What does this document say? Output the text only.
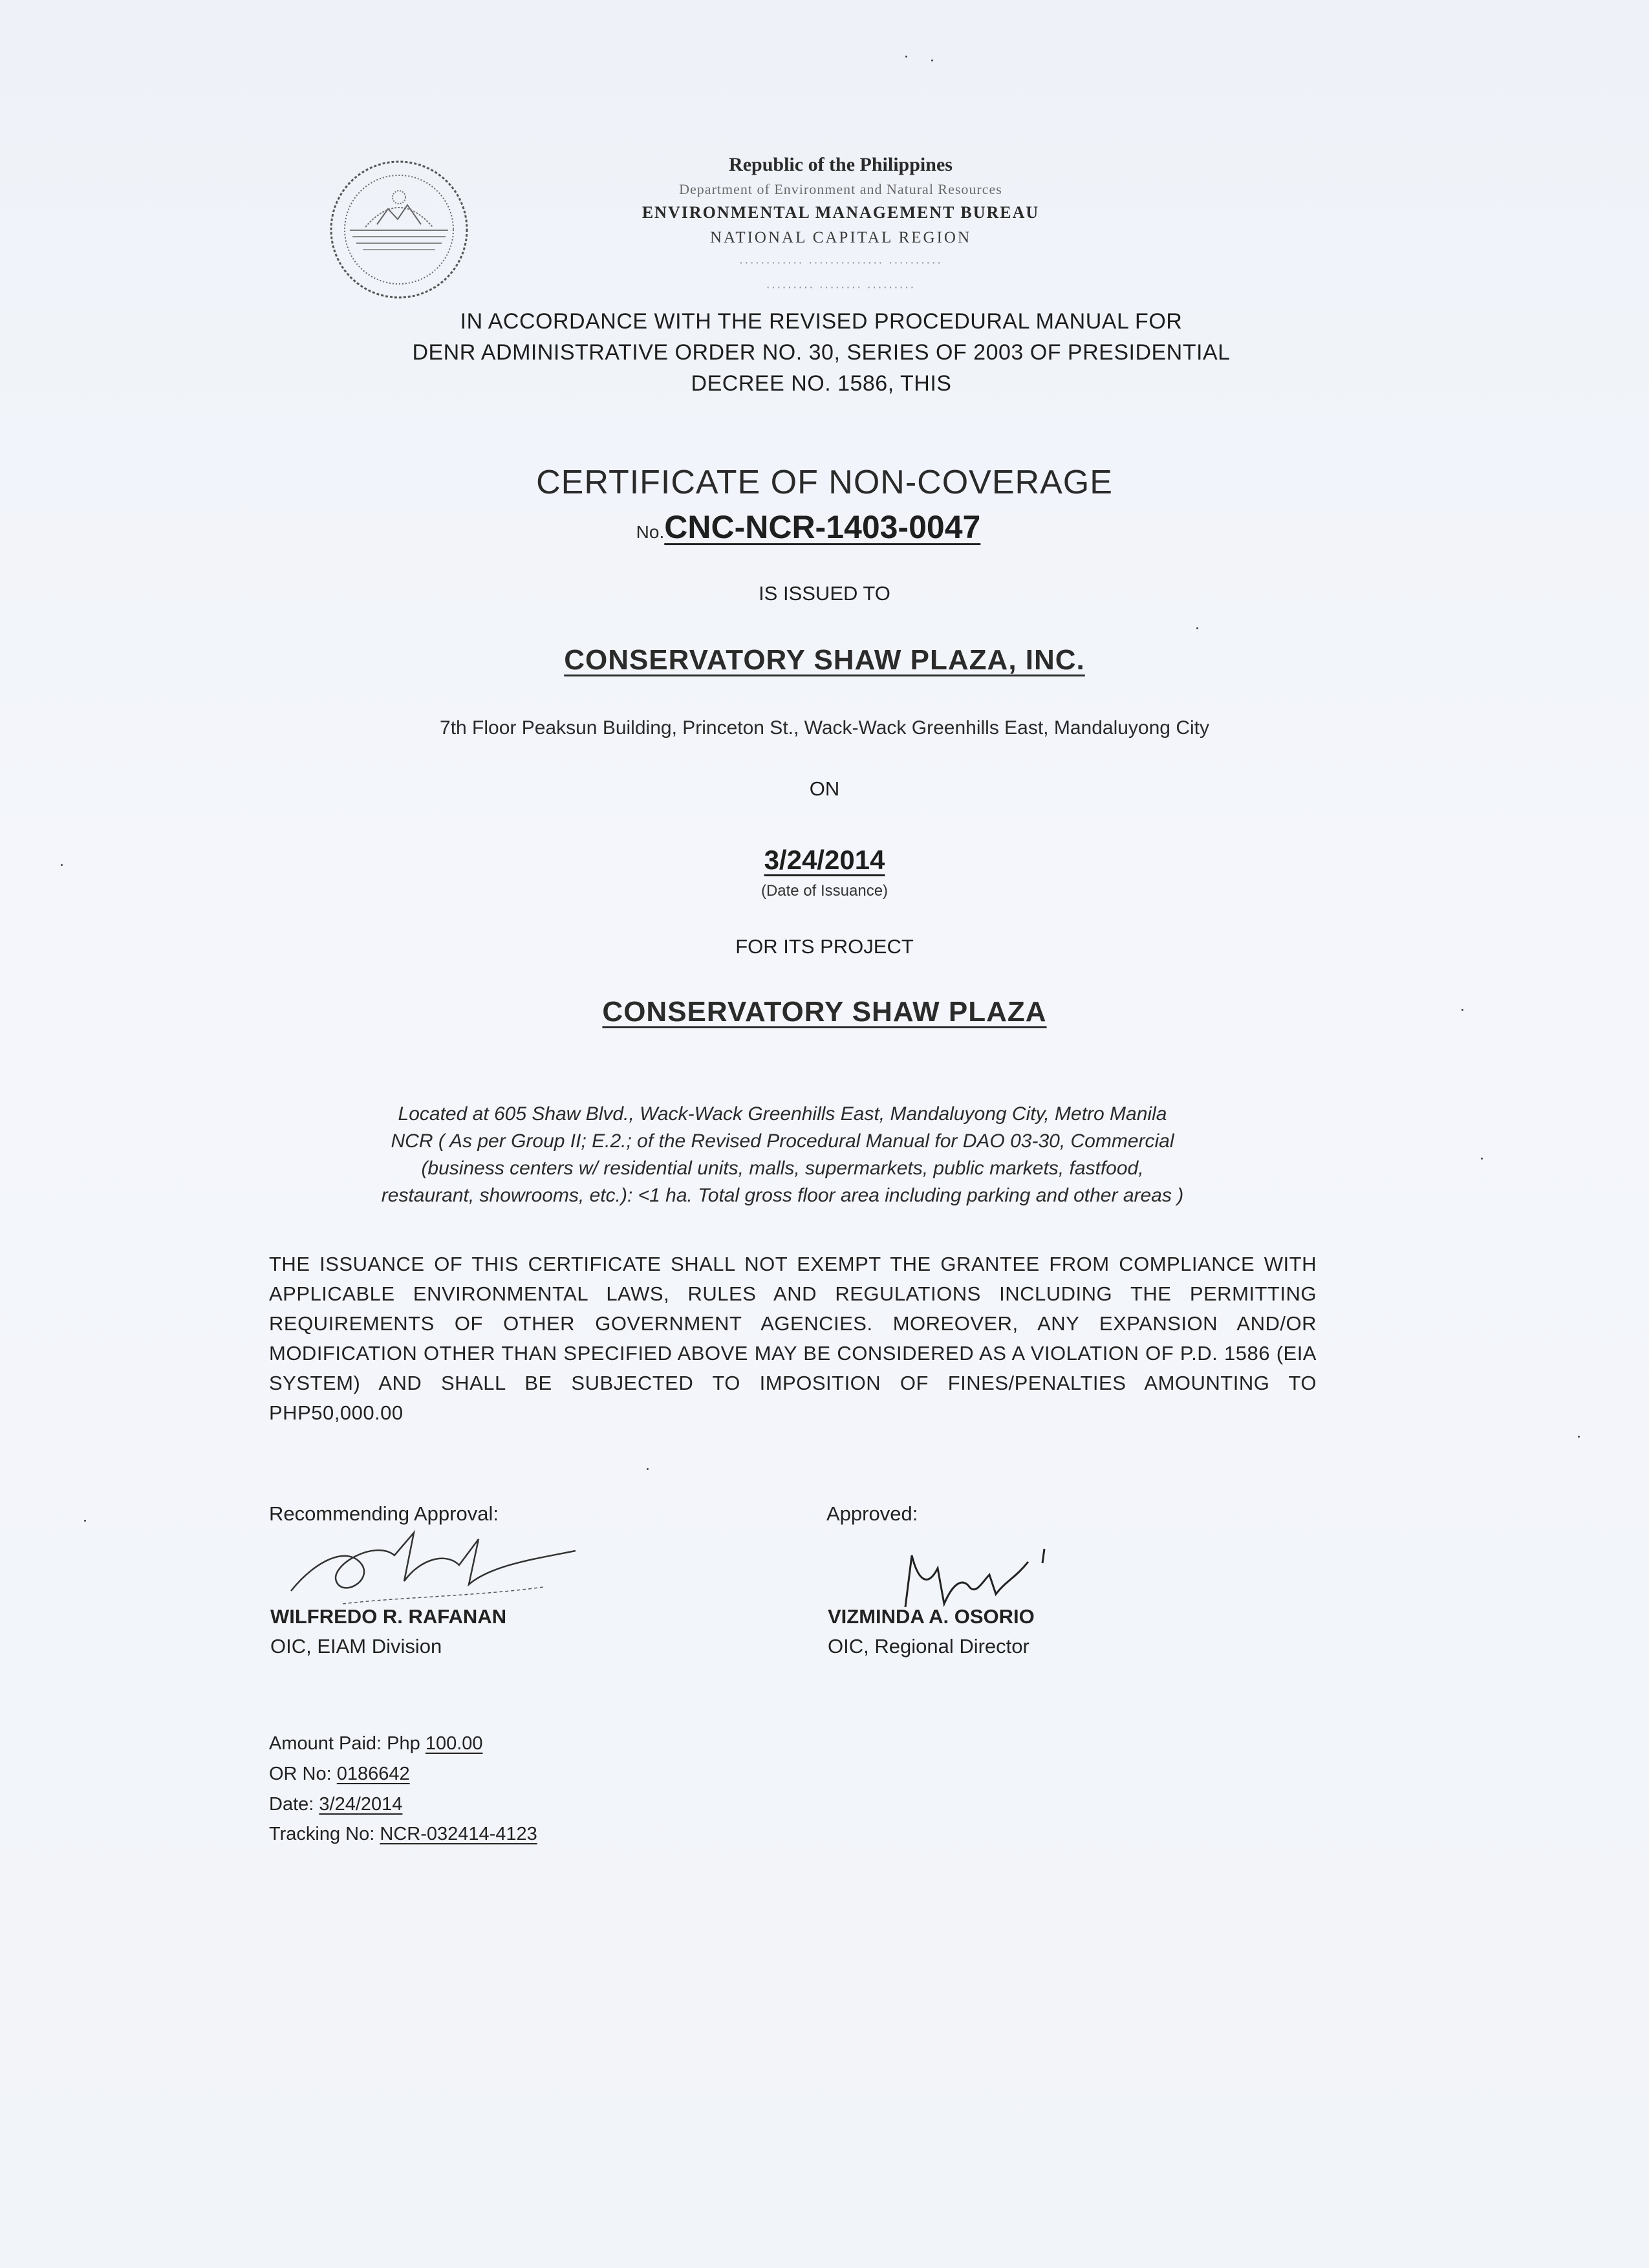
Republic of the Philippines
Department of Environment and Natural Resources
ENVIRONMENTAL MANAGEMENT BUREAU
NATIONAL CAPITAL REGION
············ ·············· ··········
········· ········ ·········
IN ACCORDANCE WITH THE REVISED PROCEDURAL MANUAL FOR
DENR ADMINISTRATIVE ORDER NO. 30, SERIES OF 2003 OF PRESIDENTIAL
DECREE NO. 1586, THIS
CERTIFICATE OF NON-COVERAGE
No.CNC-NCR-1403-0047
IS ISSUED TO
CONSERVATORY SHAW PLAZA, INC.
7th Floor Peaksun Building, Princeton St., Wack-Wack Greenhills East, Mandaluyong City
ON
3/24/2014
(Date of Issuance)
FOR ITS PROJECT
CONSERVATORY SHAW PLAZA
Located at 605 Shaw Blvd., Wack-Wack Greenhills East, Mandaluyong City, Metro Manila
NCR ( As per Group II; E.2.; of the Revised Procedural Manual for DAO 03-30, Commercial
(business centers w/ residential units, malls, supermarkets, public markets, fastfood,
restaurant, showrooms, etc.): <1 ha. Total gross floor area including parking and other areas )
THE ISSUANCE OF THIS CERTIFICATE SHALL NOT EXEMPT THE GRANTEE FROM COMPLIANCE WITH APPLICABLE ENVIRONMENTAL LAWS, RULES AND REGULATIONS INCLUDING THE PERMITTING REQUIREMENTS OF OTHER GOVERNMENT AGENCIES. MOREOVER, ANY EXPANSION AND/OR MODIFICATION OTHER THAN SPECIFIED ABOVE MAY BE CONSIDERED AS A VIOLATION OF P.D. 1586 (EIA SYSTEM) AND SHALL BE SUBJECTED TO IMPOSITION OF FINES/PENALTIES AMOUNTING TO PHP50,000.00
Recommending Approval:	Approved:
WILFREDO R. RAFANAN
OIC, EIAM Division
VIZMINDA A. OSORIO
OIC, Regional Director
Amount Paid: Php 100.00
OR No: 0186642
Date: 3/24/2014
Tracking No: NCR-032414-4123
